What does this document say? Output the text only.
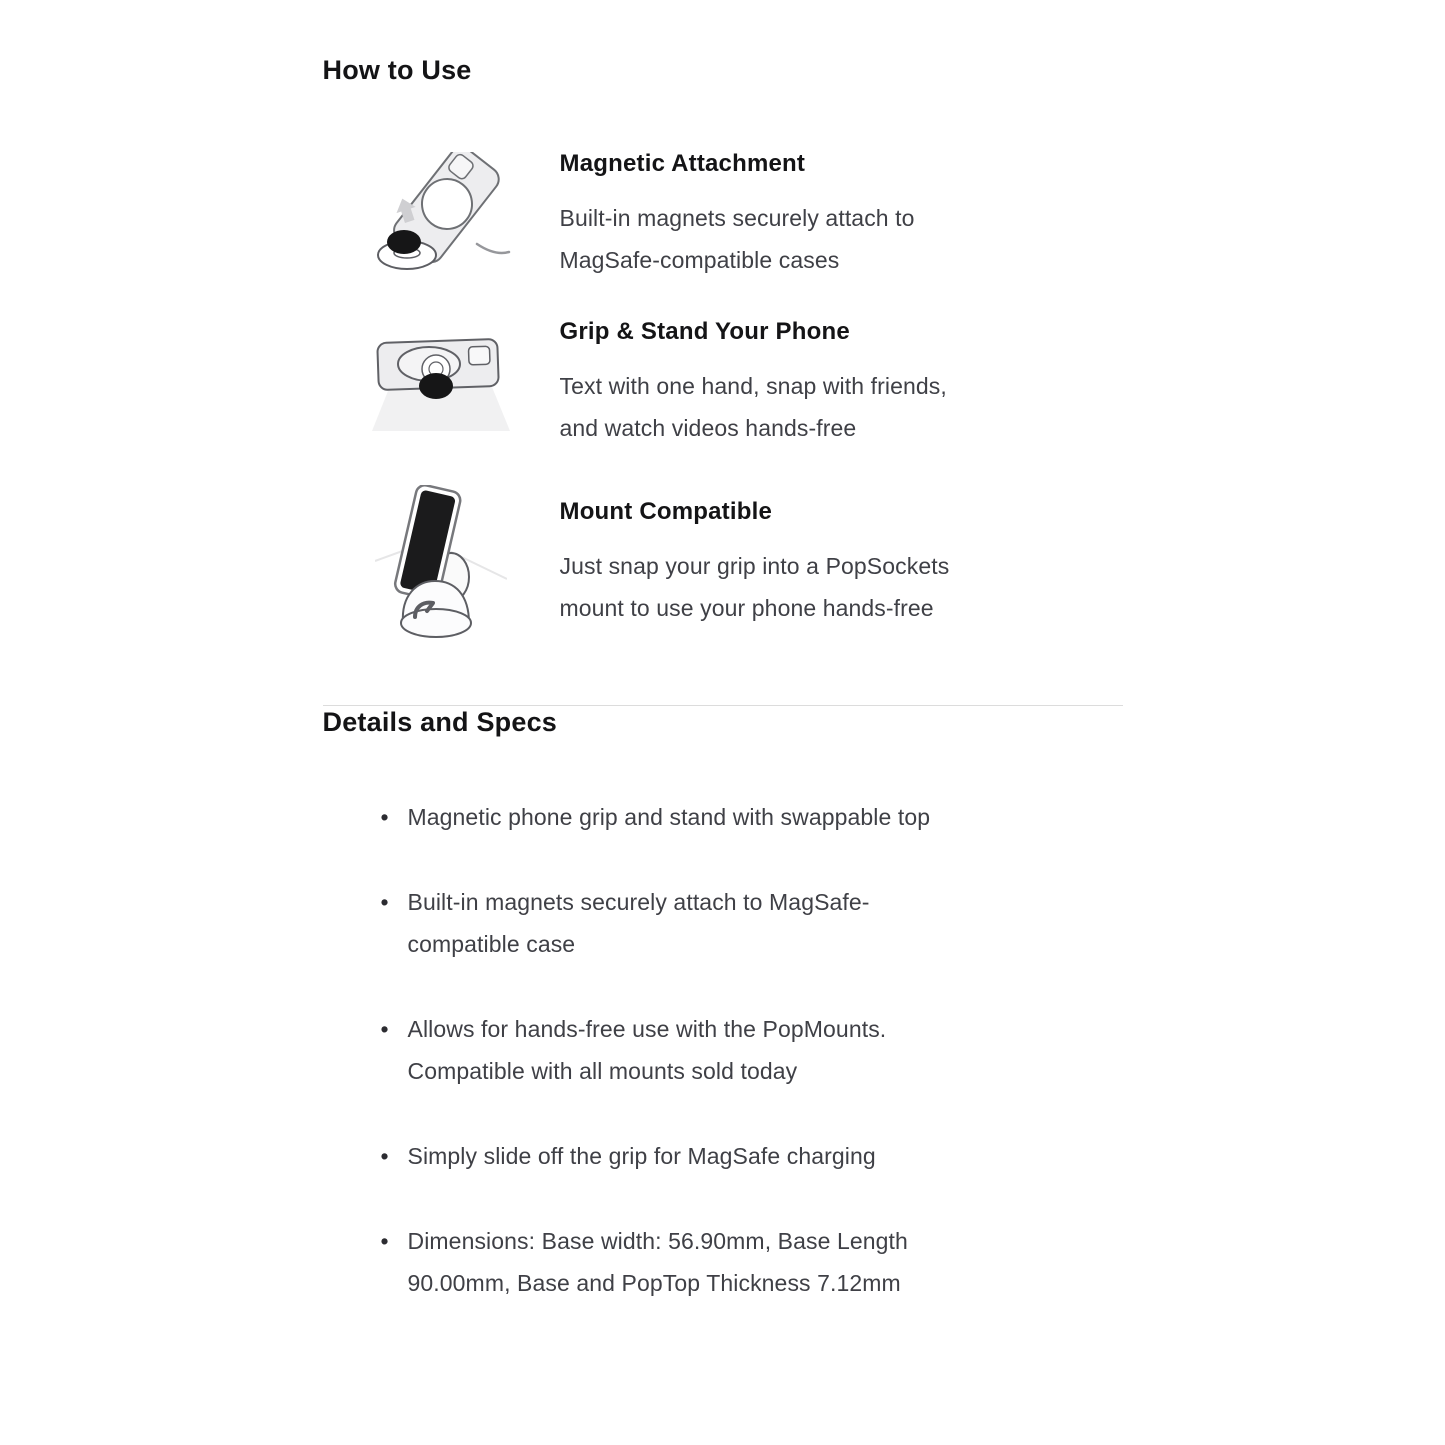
How to Use
Magnetic Attachment
Built-in magnets securely attach to
MagSafe-compatible cases
Grip & Stand Your Phone
Text with one hand, snap with friends,
and watch videos hands-free
Mount Compatible
Just snap your grip into a PopSockets
mount to use your phone hands-free
Details and Specs
• Magnetic phone grip and stand with swappable top
• Built-in magnets securely attach to MagSafe-
compatible case
• Allows for hands-free use with the PopMounts.
Compatible with all mounts sold today
• Simply slide off the grip for MagSafe charging
• Dimensions: Base width: 56.90mm, Base Length
90.00mm, Base and PopTop Thickness 7.12mm
